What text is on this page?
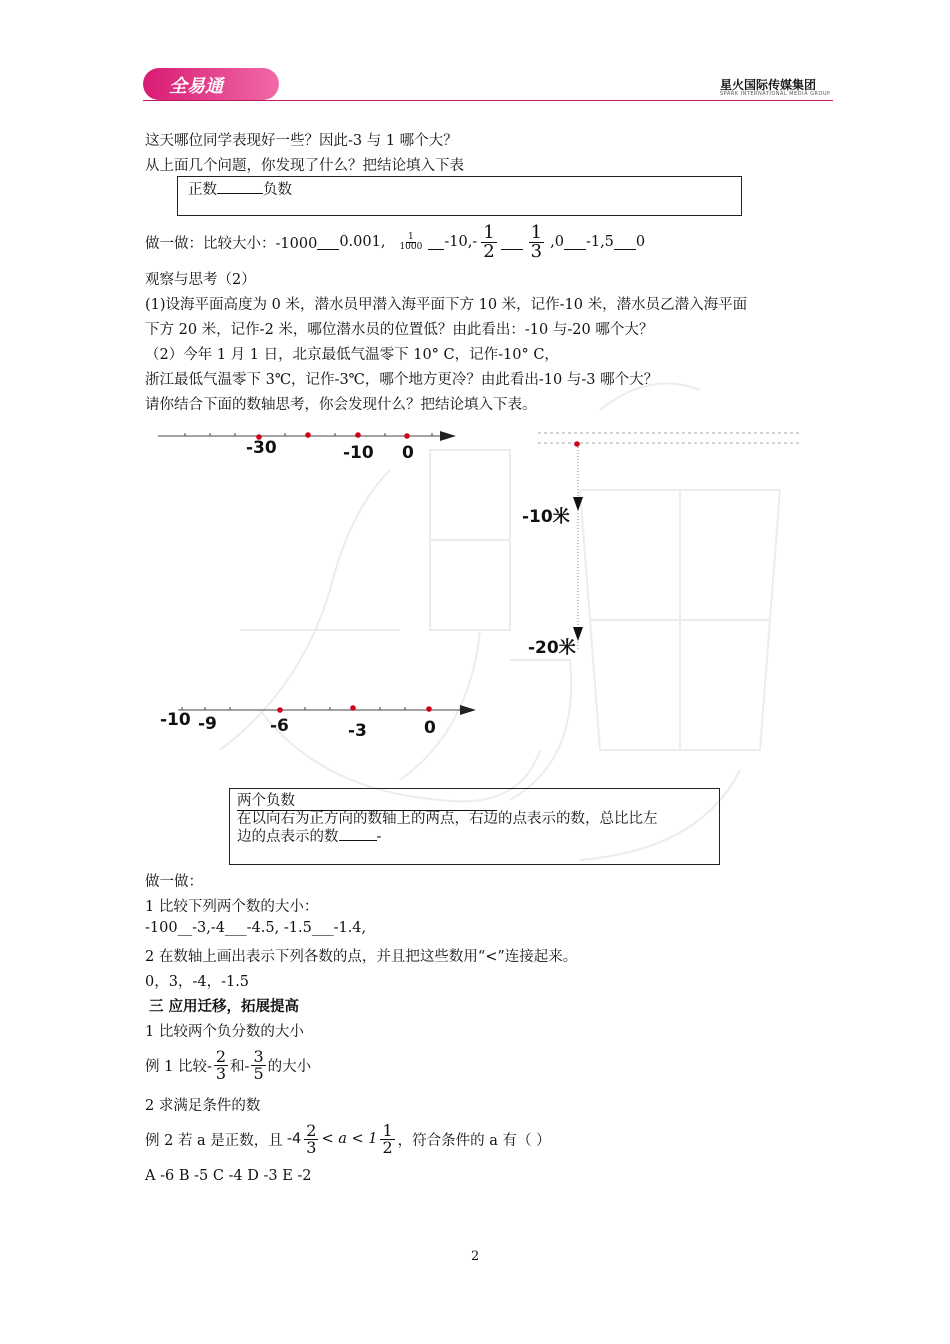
全易通	星火国际传媒集团
SPARK INTERNATIONAL MEDIA GROUP
这天哪位同学表现好一些？因此-3 与 1 哪个大？
从上面几个问题，你发现了什么？把结论填入下表
正数	负数
做一做：比较大小：-1000 0.001, $\frac{1}{1000} -10,- \frac{1}{2} \frac{1}{3} ,0$ -1,5 0
观察与思考（2）
(1)设海平面高度为 0 米，潜水员甲潜入海平面下方 10 米，记作-10 米，潜水员乙潜入海平面
下方 20 米，记作-2 米，哪位潜水员的位置低？由此看出：-10 与-20 哪个大？
（2）今年 1 月 1 日，北京最低气温零下 10° C，记作-10° C，
浙江最低气温零下 3℃，记作-3℃，哪个地方更冷？由此看出-10 与-3 哪个大？
请你结合下面的数轴思考，你会发现什么？把结论填入下表。
-30	-10 0
-10米
-20米
-10 -9	-6	-3	0
两个负数
在以向右为正方向的数轴上的两点，右边的点表示的数，总比比左
边的点表示的数	-
做一做：
1 比较下列两个数的大小：
-100__-3,-4___-4.5, -1.5___-1.4,
2 在数轴上画出表示下列各数的点，并且把这些数用“<”连接起来。
0，3，-4，-1.5
三 应用迁移，拓展提高
1 比较两个负分数的大小
例 1 比较- $\frac{2}{3}$ 和- $\frac{3}{5}$ 的大小
2 求满足条件的数
例 2 若 a 是正数，且 $-4 \frac{2}{3} < a < 1 \frac{1}{2}$ ，符合条件的 a 有（ ）
A -6 B -5 C -4 D -3 E -2
2
